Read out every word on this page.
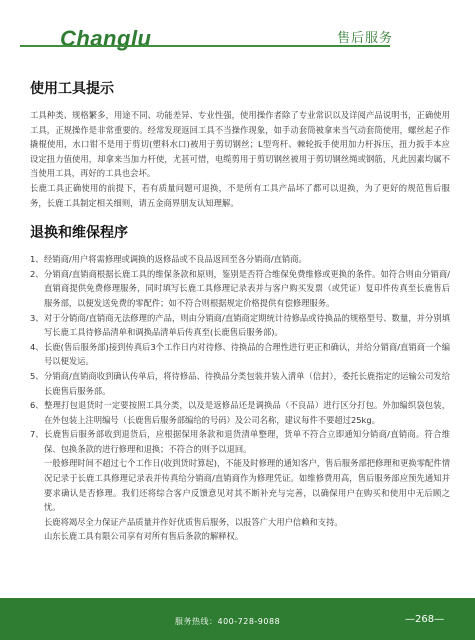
Changlu	售后服务
使用工具提示

工具种类、规格繁多，用途不同、功能差异、专业性强，使用操作者除了专业常识以及详阅产品说明书，正确使用工具，正规操作是非常重要的。经常发现返回工具不当操作现象，如手动套筒被拿来当气动套筒使用，螺丝起子作撬棍使用，水口钳不是用于剪切(塑料水口)被用于剪切钢丝；L型弯杆、棘轮扳手使用加力杆拆压，扭力扳手本应设定扭力值使用，却拿来当加力杆使，尤甚可惜，电缆剪用于剪切钢丝被用于剪切钢丝绳或钢筋，凡此因素均属不当使用工具，再好的工具也会坏。

长鹿工具正确使用的前提下，若有质量问题可退换，不是所有工具产品坏了都可以退换，为了更好的规范售后服务，长鹿工具制定相关细则，请五金商界朋友认知理解。

退换和维保程序
1、经销商/用户将需修理或调换的返修品或不良品返回至各分销商/直销商。
2、分销商/直销商根据长鹿工具的维保条款和原则，鉴别是否符合维保免费维修或更换的条件。如符合则由分销商/直销商提供免费修理服务，同时填写长鹿工具修理记录表并与客户购买发票（或凭证）复印件传真至长鹿售后服务部，以便发送免费的零配件；如不符合则根据规定价格提供有偿修理服务。
3、对于分销商/直销商无法修理的产品，则由分销商/直销商定期统计待修品或待换品的规格型号、数量，并分别填写长鹿工具待修品清单和调换品清单后传真至(长鹿售后服务部)。
4、长鹿(售后服务部)接到传真后3个工作日内对待修、待换品的合理性进行更正和确认，并给分销商/直销商一个编号以便发运。
5、分销商/直销商收到确认传单后，将待修品、待换品分类包装并装入清单（信封），委托长鹿指定的运输公司发给长鹿售后服务部。
6、整理打包退货时一定要按照工具分类，以及是返修品还是调换品（不良品）进行区分打包。外加编织袋包装，在外包装上注明编号（长鹿售后服务部编给的号码）及公司名称，建议每件不要超过25kg。
7、长鹿售后服务部收到退货后，应根据保用条款和退货清单整理，货单不符合立即通知分销商/直销商。符合维保、包换条款的进行修理和退换；不符合的则予以退回。

一般修理时间不超过七个工作日(收到货时算起)，不能及时修理的通知客户，售后服务部把修理和更换零配件情况记录于长鹿工具修理记录表并传真给分销商/直销商作为修理凭证。如维修费用高，售后服务部应预先通知并要求确认是否修理。我们还将综合客户反馈意见对其不断补充与完善，以确保用户在购买和使用中无后顾之忧。

长鹿将竭尽全力保证产品质量并作好优质售后服务，以报答广大用户信赖和支持。

山东长鹿工具有限公司享有对所有售后条款的解释权。

服务热线：400-728-9088	—268—
